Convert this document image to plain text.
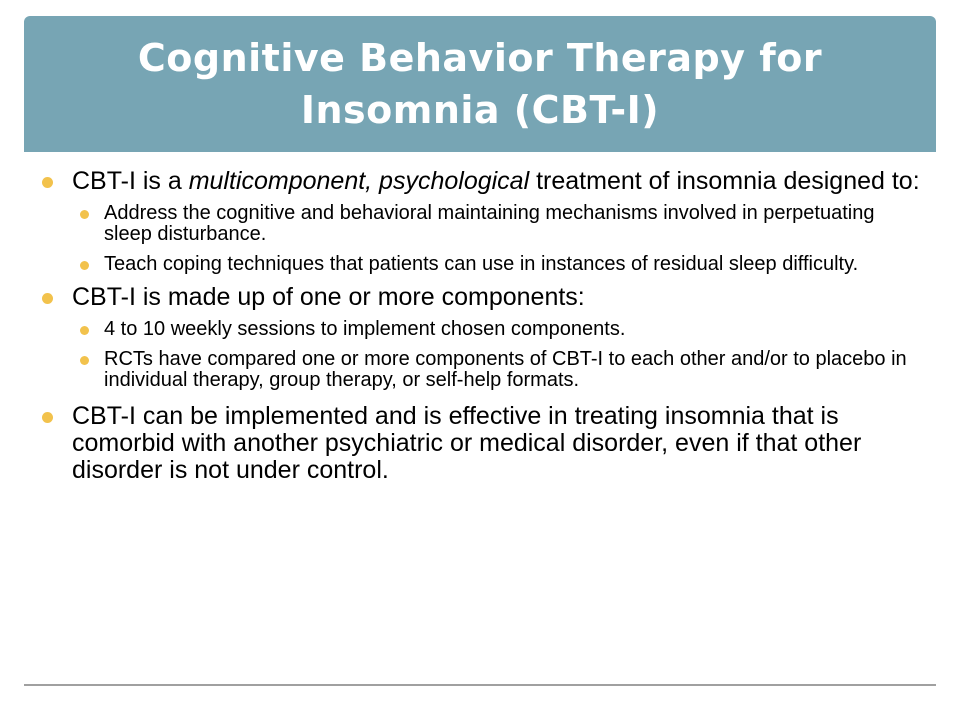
Cognitive Behavior Therapy for
Insomnia (CBT-I)
CBT-I is a multicomponent, psychological treatment of insomnia designed to:
Address the cognitive and behavioral maintaining mechanisms involved in perpetuating sleep disturbance.
Teach coping techniques that patients can use in instances of residual sleep difficulty.
CBT-I is made up of one or more components:
4 to 10 weekly sessions to implement chosen components.
RCTs have compared one or more components of CBT-I to each other and/or to placebo in individual therapy, group therapy, or self-help formats.
CBT-I can be implemented and is effective in treating insomnia that is comorbid with another psychiatric or medical disorder, even if that other disorder is not under control.
